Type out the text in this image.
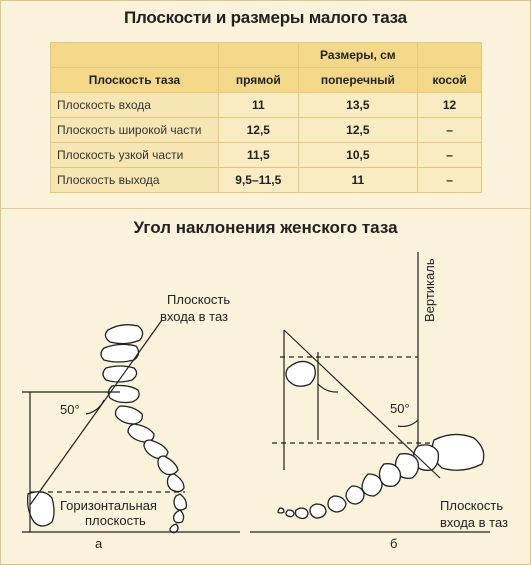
Плоскости и размеры малого таза
		Размеры, см	
Плоскость таза	прямой	поперечный	косой
Плоскость входа	11	13,5	12
Плоскость широкой части	12,5	12,5	–
Плоскость узкой части	11,5	10,5	–
Плоскость выхода	9,5–11,5	11	–
Угол наклонения женского таза
Плоскость
входа в таз
50°
Горизонтальная
плоскость
а
Вертикаль
50°
Плоскость
входа в таз
б
